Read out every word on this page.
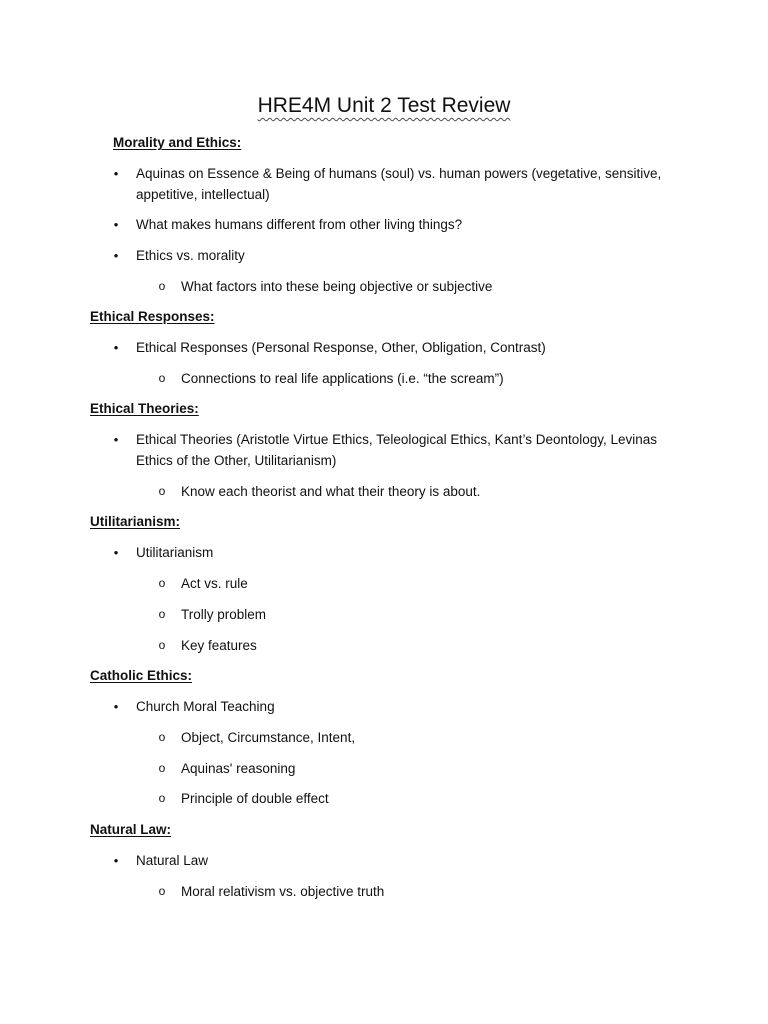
HRE4M Unit 2 Test Review
Morality and Ethics:
• Aquinas on Essence & Being of humans (soul) vs. human powers (vegetative, sensitive, appetitive, intellectual)
• What makes humans different from other living things?
• Ethics vs. morality
o What factors into these being objective or subjective
Ethical Responses:
• Ethical Responses (Personal Response, Other, Obligation, Contrast)
o Connections to real life applications (i.e. “the scream”)
Ethical Theories:
• Ethical Theories (Aristotle Virtue Ethics, Teleological Ethics, Kant’s Deontology, Levinas Ethics of the Other, Utilitarianism)
o Know each theorist and what their theory is about.
Utilitarianism:
• Utilitarianism
o Act vs. rule
o Trolly problem
o Key features
Catholic Ethics:
• Church Moral Teaching
o Object, Circumstance, Intent,
o Aquinas' reasoning
o Principle of double effect
Natural Law:
• Natural Law
o Moral relativism vs. objective truth
